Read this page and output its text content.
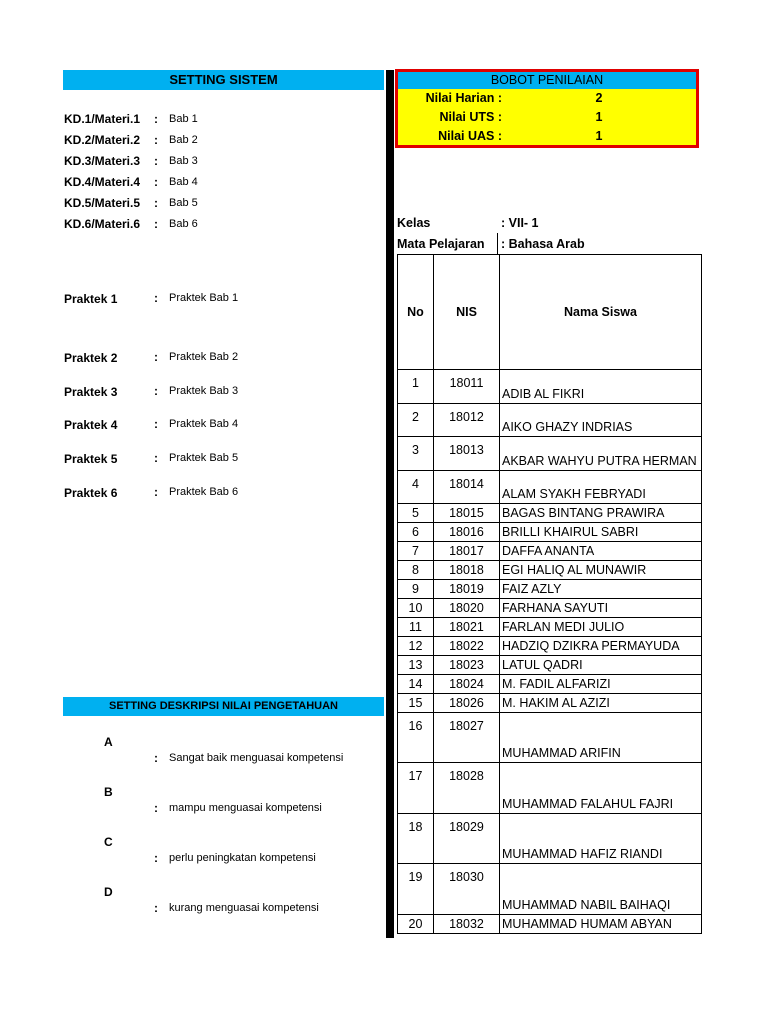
SETTING SISTEM
KD.1/Materi.1 : Bab 1
KD.2/Materi.2 : Bab 2
KD.3/Materi.3 : Bab 3
KD.4/Materi.4 : Bab 4
KD.5/Materi.5 : Bab 5
KD.6/Materi.6 : Bab 6
Praktek 1	: Praktek Bab 1
Praktek 2	: Praktek Bab 2
Praktek 3	: Praktek Bab 3
Praktek 4	: Praktek Bab 4
Praktek 5	: Praktek Bab 5
Praktek 6	: Praktek Bab 6
SETTING DESKRIPSI NILAI PENGETAHUAN
A
: Sangat baik menguasai kompetensi
B
: mampu menguasai kompetensi
C
: perlu peningkatan kompetensi
D
: kurang menguasai kompetensi
BOBOT PENILAIAN
Nilai Harian :	2
Nilai UTS :	1
Nilai UAS :	1
Kelas	: VII- 1
Mata Pelajaran : Bahasa Arab
No	NIS	Nama Siswa
1	18011	ADIB AL FIKRI
2	18012	AIKO GHAZY INDRIAS
3	18013	AKBAR WAHYU PUTRA HERMAN
4	18014	ALAM SYAKH FEBRYADI
5	18015	BAGAS BINTANG PRAWIRA
6	18016	BRILLI KHAIRUL SABRI
7	18017	DAFFA ANANTA
8	18018	EGI HALIQ AL MUNAWIR
9	18019	FAIZ AZLY
10	18020	FARHANA SAYUTI
11	18021	FARLAN MEDI JULIO
12	18022	HADZIQ DZIKRA PERMAYUDA
13	18023	LATUL QADRI
14	18024	M. FADIL ALFARIZI
15	18026	M. HAKIM AL AZIZI
16	18027	MUHAMMAD ARIFIN
17	18028	MUHAMMAD FALAHUL FAJRI
18	18029	MUHAMMAD HAFIZ RIANDI
19	18030	MUHAMMAD NABIL BAIHAQI
20	18032	MUHAMMAD HUMAM ABYAN
